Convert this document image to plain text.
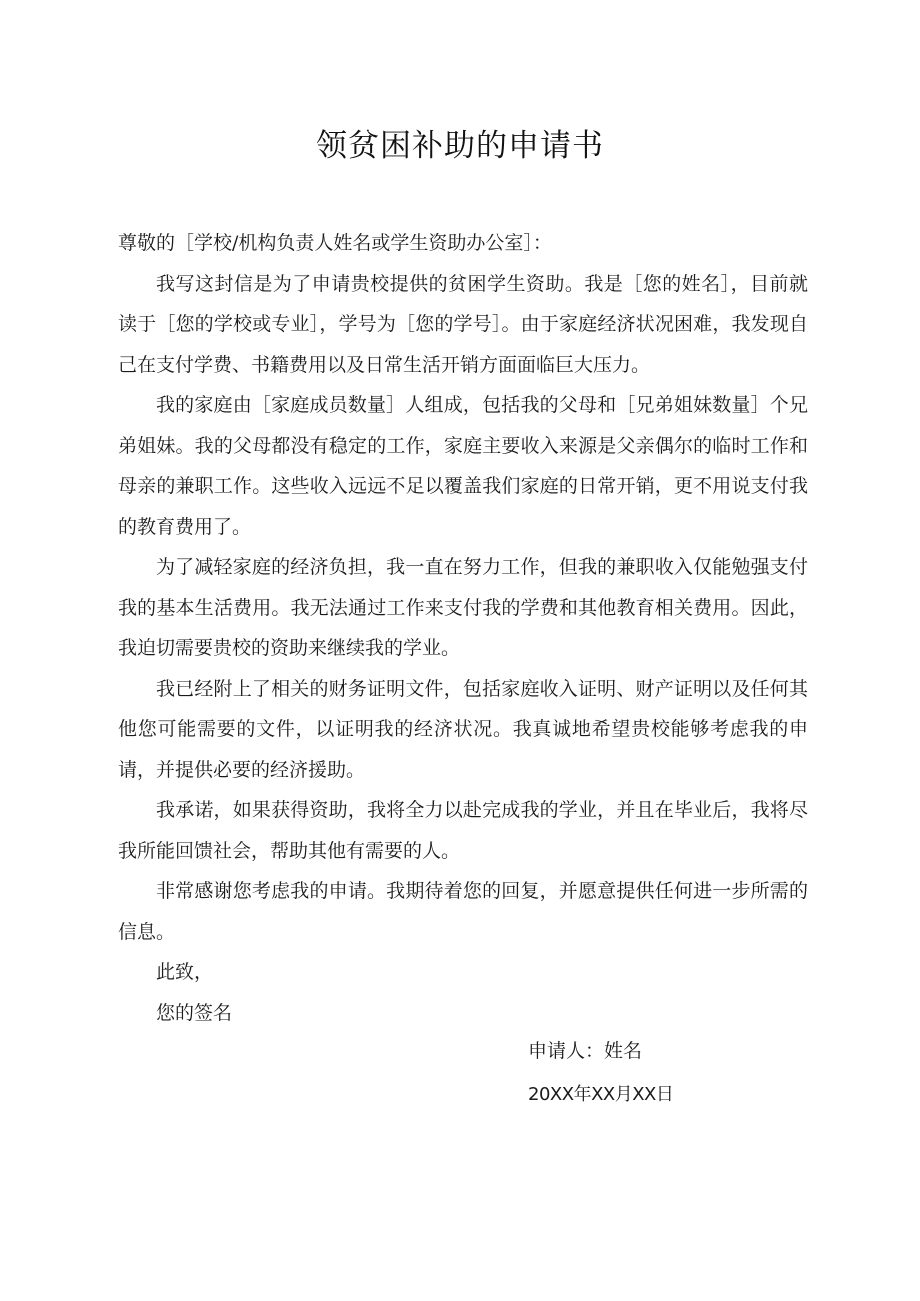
领贫困补助的申请书

尊敬的［学校/机构负责人姓名或学生资助办公室］：

我写这封信是为了申请贵校提供的贫困学生资助。我是［您的姓名］，目前就读于［您的学校或专业］，学号为［您的学号］。由于家庭经济状况困难，我发现自己在支付学费、书籍费用以及日常生活开销方面面临巨大压力。

我的家庭由［家庭成员数量］人组成，包括我的父母和［兄弟姐妹数量］个兄弟姐妹。我的父母都没有稳定的工作，家庭主要收入来源是父亲偶尔的临时工作和母亲的兼职工作。这些收入远远不足以覆盖我们家庭的日常开销，更不用说支付我的教育费用了。

为了减轻家庭的经济负担，我一直在努力工作，但我的兼职收入仅能勉强支付我的基本生活费用。我无法通过工作来支付我的学费和其他教育相关费用。因此，我迫切需要贵校的资助来继续我的学业。

我已经附上了相关的财务证明文件，包括家庭收入证明、财产证明以及任何其他您可能需要的文件，以证明我的经济状况。我真诚地希望贵校能够考虑我的申请，并提供必要的经济援助。

我承诺，如果获得资助，我将全力以赴完成我的学业，并且在毕业后，我将尽我所能回馈社会，帮助其他有需要的人。

非常感谢您考虑我的申请。我期待着您的回复，并愿意提供任何进一步所需的信息。

此致，

您的签名

申请人：姓名
20XX年XX月XX日
